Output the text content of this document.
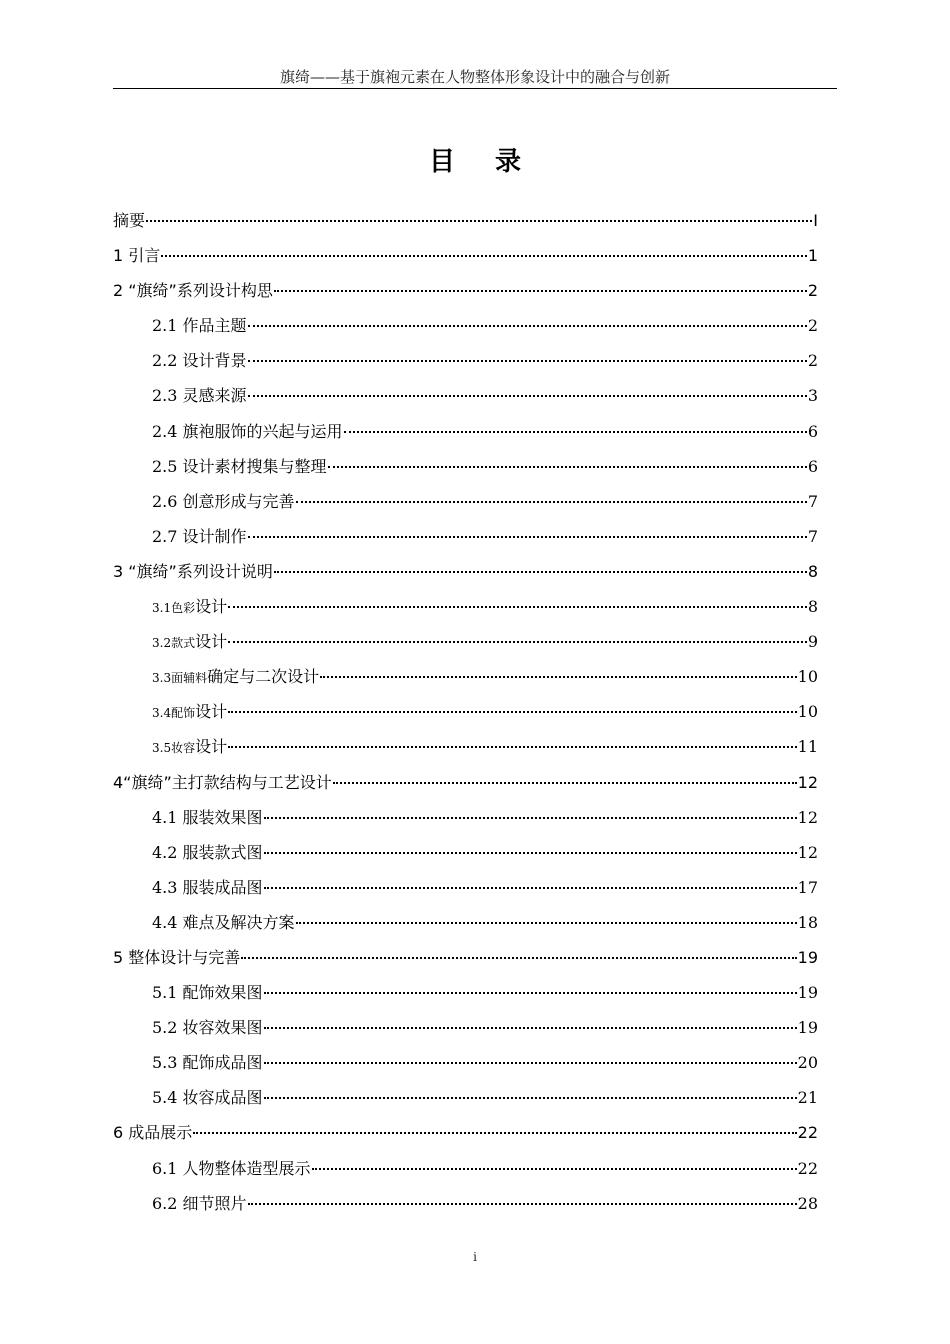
旗绮——基于旗袍元素在人物整体形象设计中的融合与创新
目录
摘要	I
1 引言	1
2 “旗绮”系列设计构思	2
2.1 作品主题	2
2.2 设计背景	2
2.3 灵感来源	3
2.4 旗袍服饰的兴起与运用	6
2.5 设计素材搜集与整理	6
2.6 创意形成与完善	7
2.7 设计制作	7
3 “旗绮”系列设计说明	8
3.1 色彩 设计	8
3.2 款式 设计	9
3.3 面辅料 确定与二次设计	10
3.4 配饰 设计	10
3.5 妆容 设计	11
4“旗绮”主打款结构与工艺设计	12
4.1 服装效果图	12
4.2 服装款式图	12
4.3 服装成品图	17
4.4 难点及解决方案	18
5 整体设计与完善	19
5.1 配饰效果图	19
5.2 妆容效果图	19
5.3 配饰成品图	20
5.4 妆容成品图	21
6 成品展示	22
6.1 人物整体造型展示	22
6.2 细节照片	28
i
